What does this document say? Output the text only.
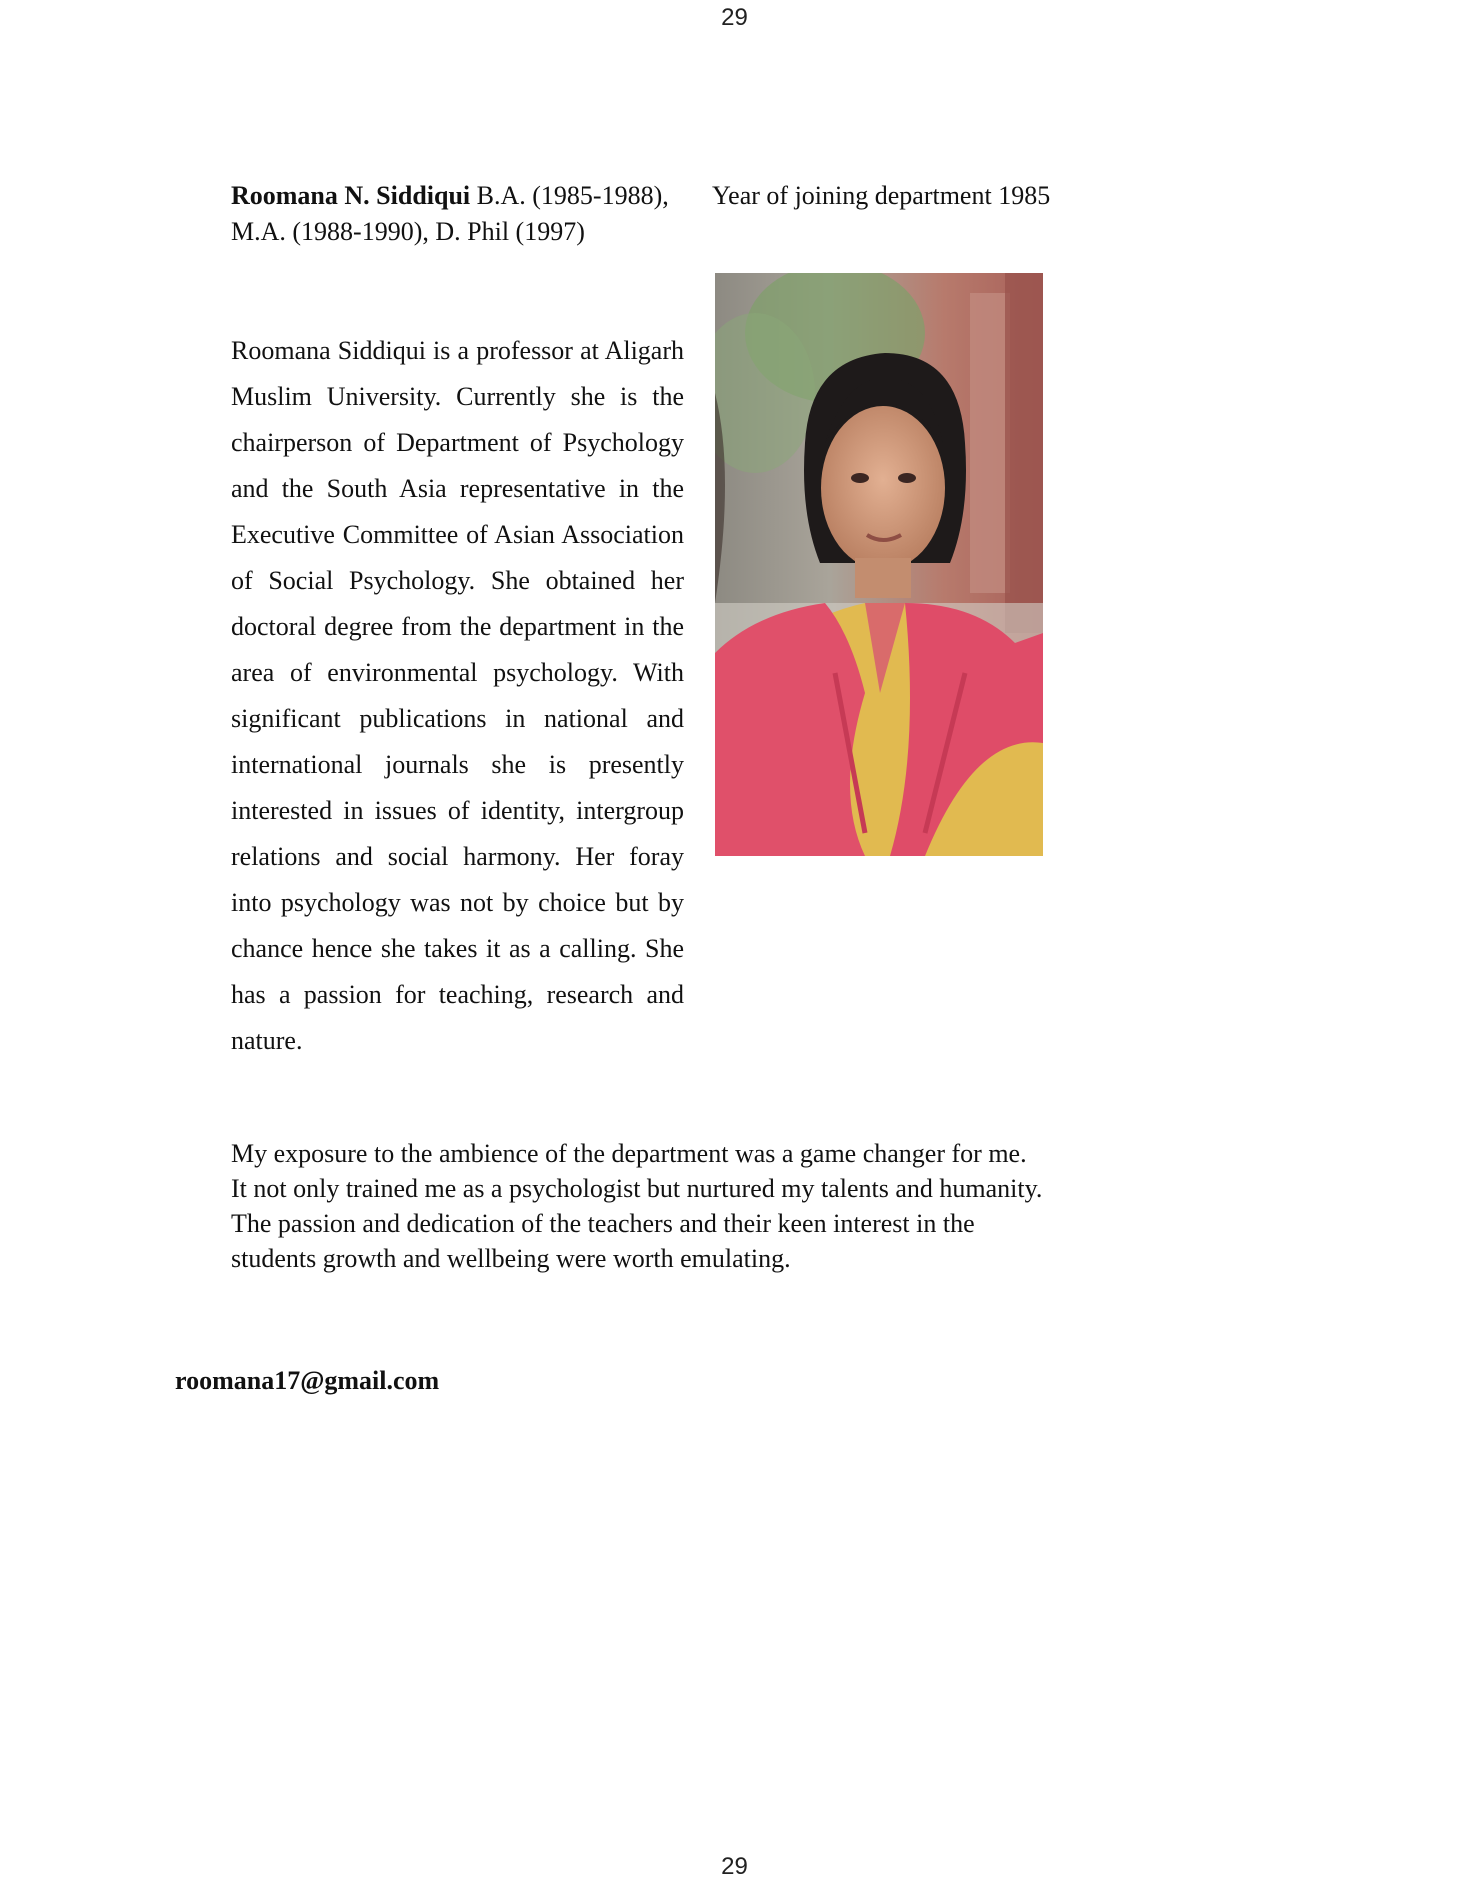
29
Roomana N. Siddiqui B.A. (1985-1988),
M.A. (1988-1990), D. Phil (1997)
Year of joining department 1985
Roomana Siddiqui is a professor at Aligarh Muslim University. Currently she is the chairperson of Department of Psychology and the South Asia representative in the Executive Committee of Asian Association of Social Psychology. She obtained her doctoral degree from the department in the area of environmental psychology. With significant publications in national and international journals she is presently interested in issues of identity, intergroup relations and social harmony. Her foray into psychology was not by choice but by chance hence she takes it as a calling. She has a passion for teaching, research and nature.
My exposure to the ambience of the department was a game changer for me.
It not only trained me as a psychologist but nurtured my talents and humanity.
The passion and dedication of the teachers and their keen interest in the
students growth and wellbeing were worth emulating.
roomana17@gmail.com
29
